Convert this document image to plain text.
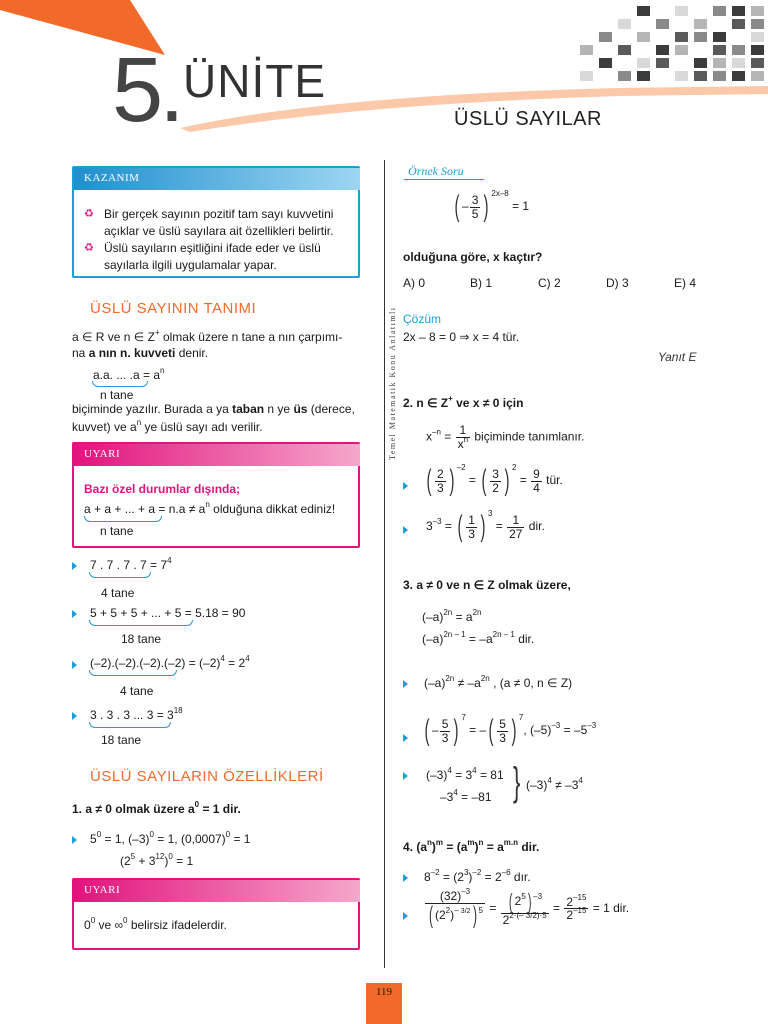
5. ÜNİTE
ÜSLÜ SAYILAR
Temel Matematik Konu Anlatımlı
KAZANIM
♻ Bir gerçek sayının pozitif tam sayı kuvvetini açıklar ve üslü sayılara ait özellikleri belirtir.
♻ Üslü sayıların eşitliğini ifade eder ve üslü sayılarla ilgili uygulamalar yapar.
ÜSLÜ SAYININ TANIMI
a ∈ R ve n ∈ Z+ olmak üzere n tane a nın çarpımı-
na a nın n. kuvveti denir.
a.a. ... $.a = a^n$
n tane
biçiminde yazılır. Burada a ya taban n ye üs (derece,
kuvvet) ve $a^n$ ye üslü sayı adı verilir.
UYARI
Bazı özel durumlar dışında;
a + a + ... + $a = n.a \ne a^n$ olduğuna dikkat ediniz!
n tane
7 . 7 . 7 . $7 = 7^4$
4 tane
5 + 5 + 5 + ... + 5 = 5.18 = 90
18 tane
$(-2).(-2).(-2).(-2) = (-2)^4 = 2^4$
4 tane
3 . 3 . 3 ... $3 = 3^{18}$
18 tane
ÜSLÜ SAYILARIN ÖZELLİKLERİ
1. a ≠ 0 olmak üzere $a^0 = 1$ dir.
$5^0 = 1$, $(-3)^0 = 1$, $(0,0007)^0 = 1$
$(2^5 + 3^{12})^0 = 1$
UYARI
$0^0$ ve ∞$^0$ belirsiz ifadelerdir.
Örnek Soru
( – $\frac{3}{5}$ ) $^{2x-8}$ = 1
olduğuna göre, x kaçtır?
A) 0	B) 1	C) 2	D) 3	E) 4
Çözüm
2x – 8 = 0 ⇒ x = 4 tür.
Yanıt E
2. n ∈ Z+ ve x ≠ 0 için
$x^{-n} = \frac{1}{x^n}$ biçiminde tanımlanır.
( $\frac{2}{3}$ ) $^{-2}$ = ( $\frac{3}{2}$ ) $^2 = \frac{9}{4}$ tür.
$3^{-3}$ = ( $\frac{1}{3}$ ) $^3 = \frac{1}{27}$ dir.
3. a ≠ 0 ve n ∈ Z olmak üzere,
$(-a)^{2n} = a^{2n}$
$(-a)^{2n - 1} = -a^{2n - 1}$ dir.
$(-a)^{2n} \ne -a^{2n}$ , (a ≠ 0, n ∈ Z)
( – $\frac{5}{3}$ ) $^7$ = –( $\frac{5}{3}$ ) $^7$, $(-5)^{-3} = -5^{-3}$
$(-3)^4 = 3^4 = 81$
$-3^4 = -81$ } $(-3)^4 \ne -3^4$
4. $(a^n)^m = (a^m)^n = a^{m.n}$ dir.
$8^{-2} = (2^3)^{-2} = 2^{-6}$ dır.
$\frac{(32)^{-3}}{( (2^2)^{- 3/2}) ^5} = \frac{( 2^5) ^{-3}}{2^{2\cdot(- 3/2)\cdot 5}} = \frac{2^{-15}}{2^{-15}} = 1$ dir.
119
